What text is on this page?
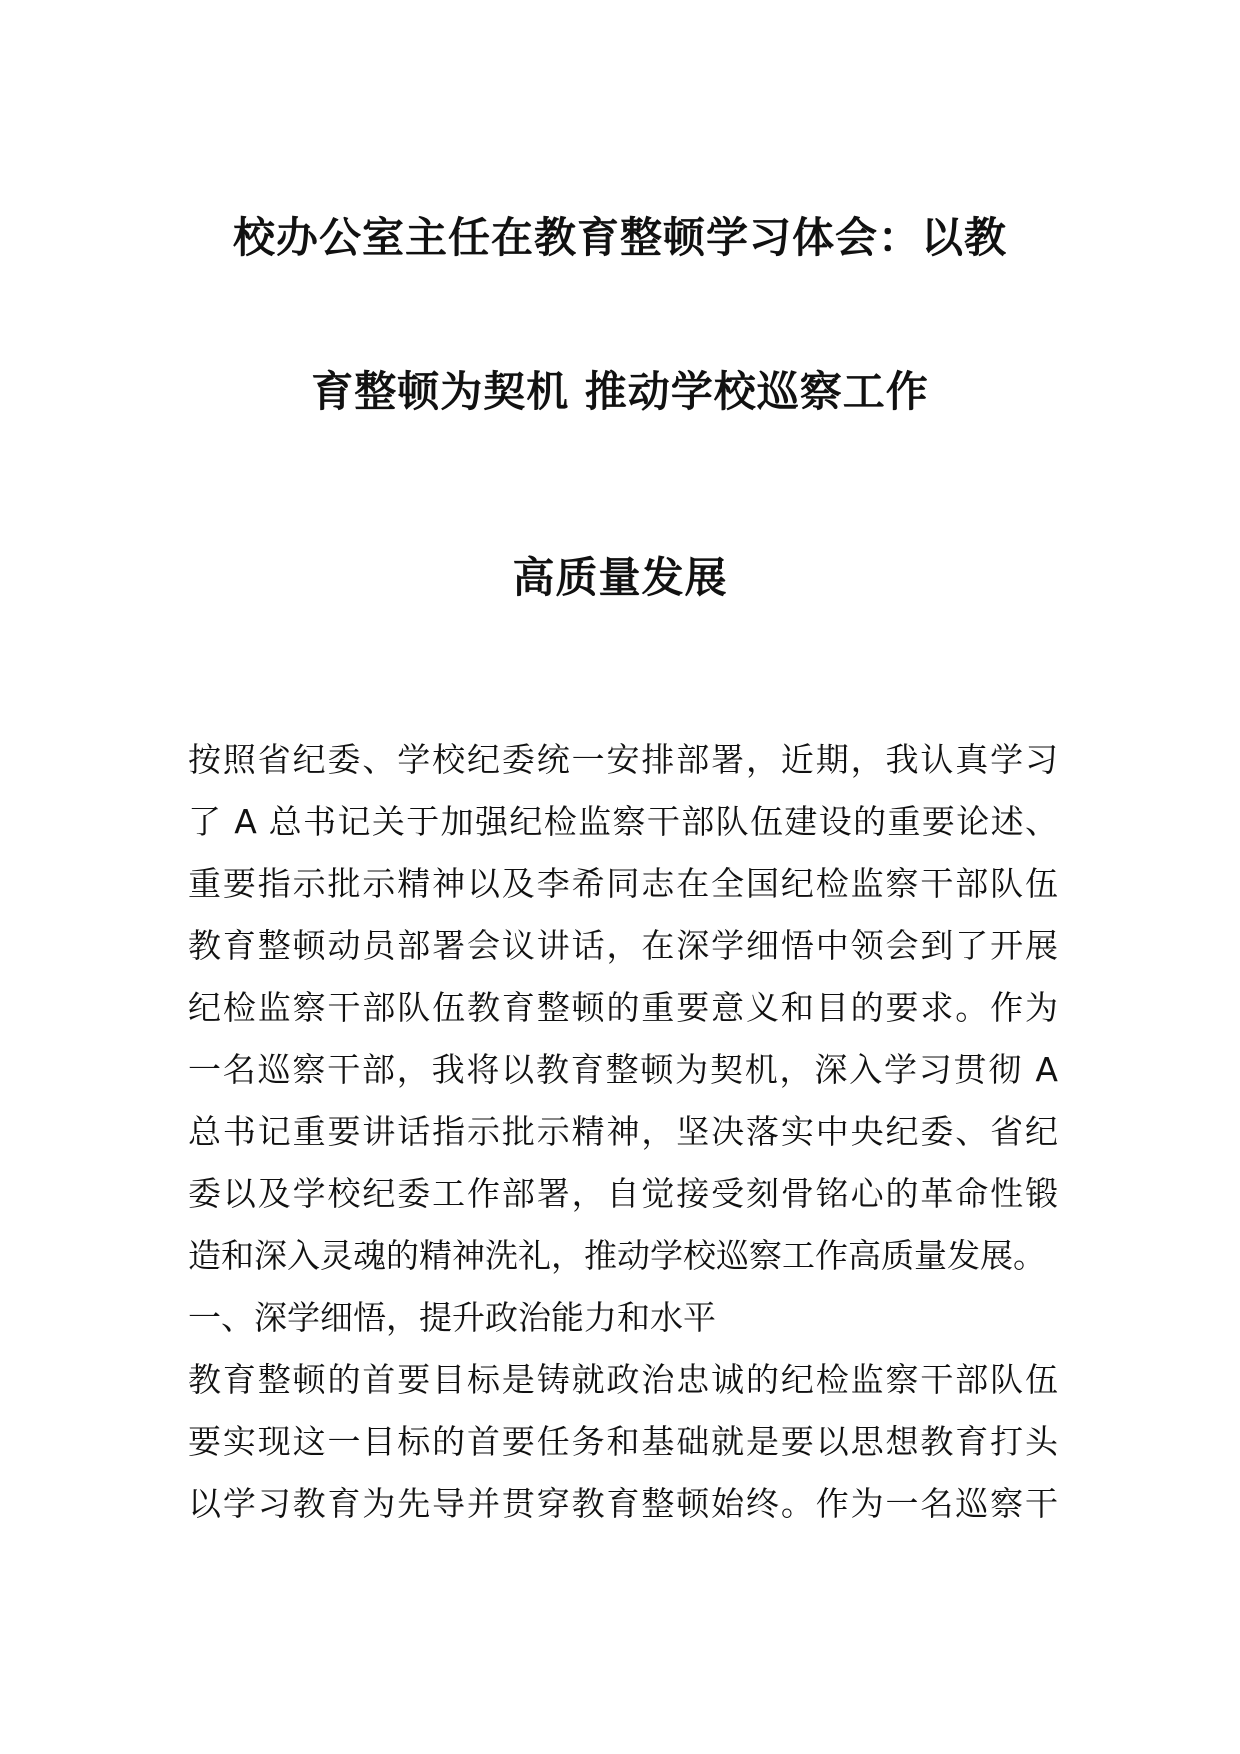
校办公室主任在教育整顿学习体会：以教
育整顿为契机 推动学校巡察工作
高质量发展
按照省纪委、学校纪委统一安排部署，近期，我认真学习
了 A 总书记关于加强纪检监察干部队伍建设的重要论述、
重要指示批示精神以及李希同志在全国纪检监察干部队伍
教育整顿动员部署会议讲话，在深学细悟中领会到了开展
纪检监察干部队伍教育整顿的重要意义和目的要求。作为
一名巡察干部，我将以教育整顿为契机，深入学习贯彻 A
总书记重要讲话指示批示精神，坚决落实中央纪委、省纪
委以及学校纪委工作部署，自觉接受刻骨铭心的革命性锻
造和深入灵魂的精神洗礼，推动学校巡察工作高质量发展。
一、深学细悟，提升政治能力和水平
教育整顿的首要目标是铸就政治忠诚的纪检监察干部队伍
要实现这一目标的首要任务和基础就是要以思想教育打头
以学习教育为先导并贯穿教育整顿始终。作为一名巡察干
